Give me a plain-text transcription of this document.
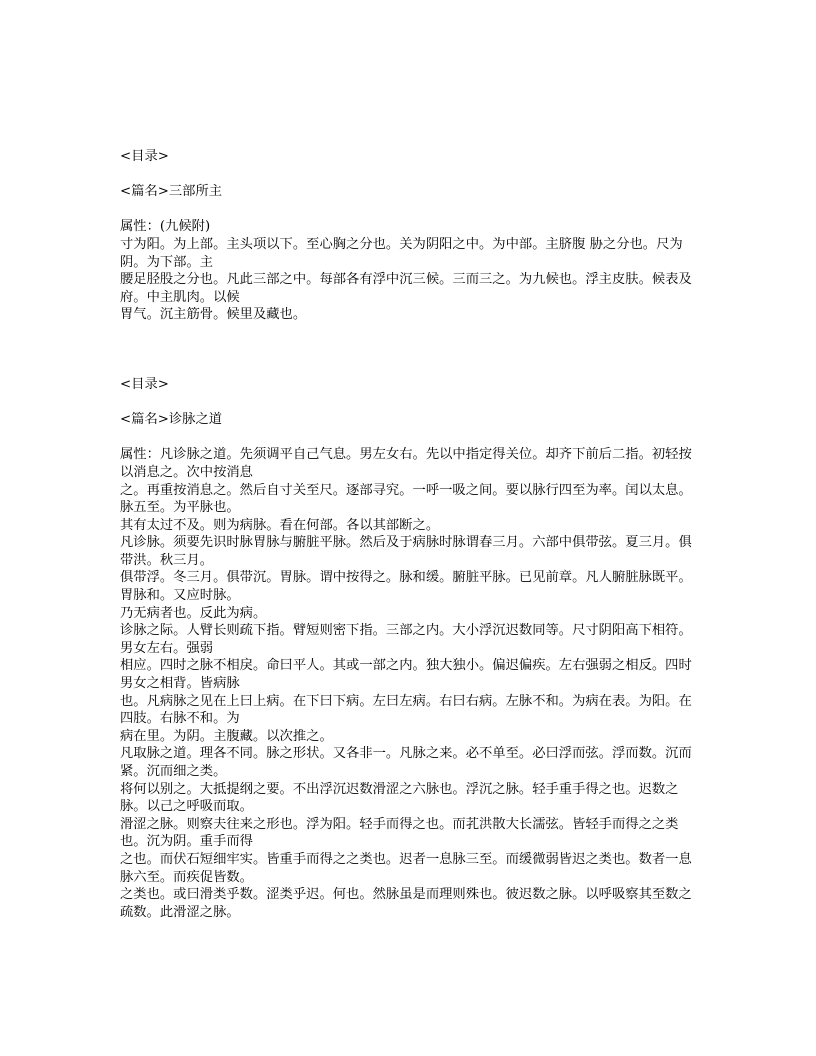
<目录>
<篇名>三部所主
属性：(九候附)
寸为阳。为上部。主头项以下。至心胸之分也。关为阴阳之中。为中部。主脐腹 胁之分也。尺为阴。为下部。主
腰足胫股之分也。凡此三部之中。每部各有浮中沉三候。三而三之。为九候也。浮主皮肤。候表及府。中主肌肉。以候
胃气。沉主筋骨。候里及藏也。
<目录>
<篇名>诊脉之道
属性：凡诊脉之道。先须调平自己气息。男左女右。先以中指定得关位。却齐下前后二指。初轻按以消息之。次中按消息
之。再重按消息之。然后自寸关至尺。逐部寻究。一呼一吸之间。要以脉行四至为率。闰以太息。脉五至。为平脉也。
其有太过不及。则为病脉。看在何部。各以其部断之。
凡诊脉。须要先识时脉胃脉与腑脏平脉。然后及于病脉时脉谓春三月。六部中俱带弦。夏三月。俱带洪。秋三月。
俱带浮。冬三月。俱带沉。胃脉。谓中按得之。脉和缓。腑脏平脉。已见前章。凡人腑脏脉既平。胃脉和。又应时脉。
乃无病者也。反此为病。
诊脉之际。人臂长则疏下指。臂短则密下指。三部之内。大小浮沉迟数同等。尺寸阴阳高下相符。男女左右。强弱
相应。四时之脉不相戾。命曰平人。其或一部之内。独大独小。偏迟偏疾。左右强弱之相反。四时男女之相背。皆病脉
也。凡病脉之见在上曰上病。在下曰下病。左曰左病。右曰右病。左脉不和。为病在表。为阳。在四肢。右脉不和。为
病在里。为阴。主腹藏。以次推之。
凡取脉之道。理各不同。脉之形状。又各非一。凡脉之来。必不单至。必曰浮而弦。浮而数。沉而紧。沉而细之类。
将何以别之。大抵提纲之要。不出浮沉迟数滑涩之六脉也。浮沉之脉。轻手重手得之也。迟数之脉。以己之呼吸而取。
滑涩之脉。则察夫往来之形也。浮为阳。轻手而得之也。而芤洪散大长濡弦。皆轻手而得之之类也。沉为阴。重手而得
之也。而伏石短细牢实。皆重手而得之之类也。迟者一息脉三至。而缓微弱皆迟之类也。数者一息脉六至。而疾促皆数。
之类也。或曰滑类乎数。涩类乎迟。何也。然脉虽是而理则殊也。彼迟数之脉。以呼吸察其至数之疏数。此滑涩之脉。
